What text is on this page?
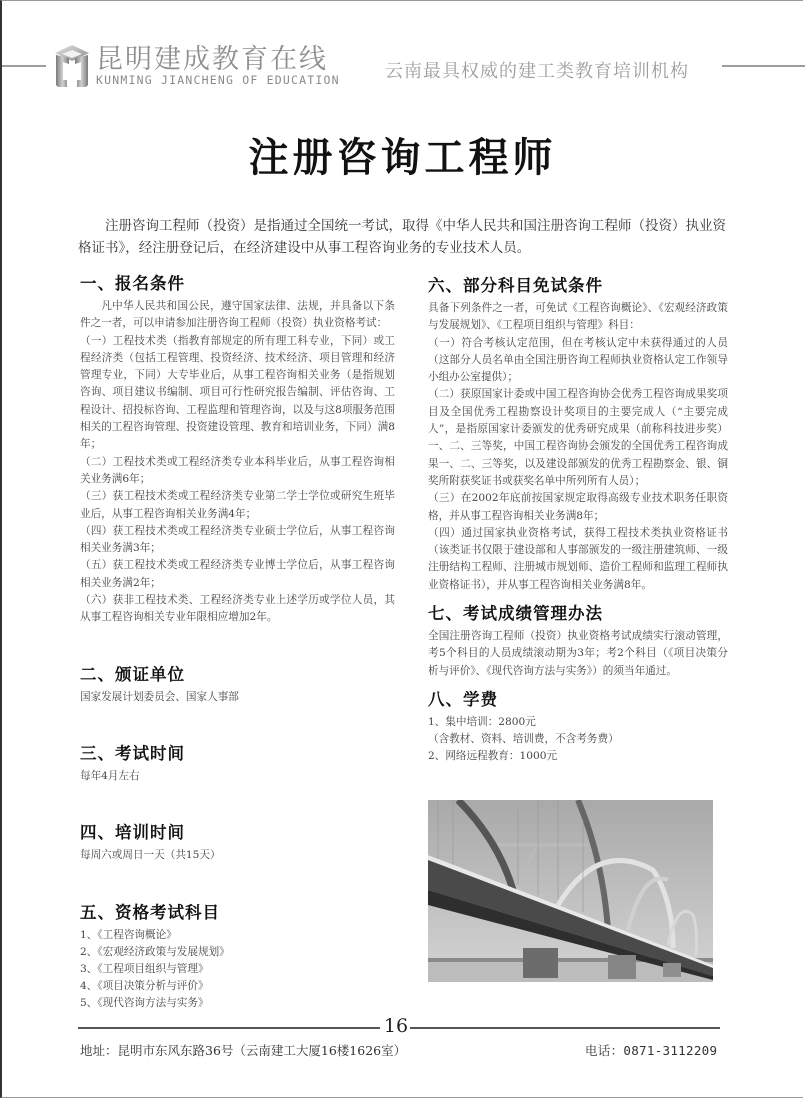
昆明建成教育在线
KUNMING JIANCHENG OF EDUCATION	云南最具权威的建工类教育培训机构
注册咨询工程师

注册咨询工程师（投资）是指通过全国统一考试，取得《中华人民共和国注册咨询工程师（投资）执业资格证书》，经注册登记后，在经济建设中从事工程咨询业务的专业技术人员。

一、报名条件

凡中华人民共和国公民，遵守国家法律、法规，并具备以下条件之一者，可以申请参加注册咨询工程师（投资）执业资格考试：

（一）工程技术类（指教育部规定的所有理工科专业，下同）或工程经济类（包括工程管理、投资经济、技术经济、项目管理和经济管理专业，下同）大专毕业后，从事工程咨询相关业务（是指规划咨询、项目建议书编制、项目可行性研究报告编制、评估咨询、工程设计、招投标咨询、工程监理和管理咨询，以及与这8项服务范围相关的工程咨询管理、投资建设管理、教育和培训业务，下同）满8年；

（二）工程技术类或工程经济类专业本科毕业后，从事工程咨询相关业务满6年；

（三）获工程技术类或工程经济类专业第二学士学位或研究生班毕业后，从事工程咨询相关业务满4年；

（四）获工程技术类或工程经济类专业硕士学位后，从事工程咨询相关业务满3年；

（五）获工程技术类或工程经济类专业博士学位后，从事工程咨询相关业务满2年；

（六）获非工程技术类、工程经济类专业上述学历或学位人员，其从事工程咨询相关专业年限相应增加2年。

二、颁证单位

国家发展计划委员会、国家人事部

三、考试时间

每年4月左右

四、培训时间

每周六或周日一天（共15天）

五、资格考试科目
1、《工程咨询概论》
2、《宏观经济政策与发展规划》
3、《工程项目组织与管理》
4、《项目决策分析与评价》
5、《现代咨询方法与实务》
六、部分科目免试条件

具备下列条件之一者，可免试《工程咨询概论》、《宏观经济政策与发展规划》、《工程项目组织与管理》科目：

（一）符合考核认定范围，但在考核认定中未获得通过的人员（这部分人员名单由全国注册咨询工程师执业资格认定工作领导小组办公室提供）；

（二）获原国家计委或中国工程咨询协会优秀工程咨询成果奖项目及全国优秀工程勘察设计奖项目的主要完成人（“主要完成人”，是指原国家计委颁发的优秀研究成果（前称科技进步奖）一、二、三等奖，中国工程咨询协会颁发的全国优秀工程咨询成果一、二、三等奖，以及建设部颁发的优秀工程勘察金、银、铜奖所附获奖证书或获奖名单中所列所有人员）；

（三）在2002年底前按国家规定取得高级专业技术职务任职资格，并从事工程咨询相关业务满8年；

（四）通过国家执业资格考试，获得工程技术类执业资格证书（该类证书仅限于建设部和人事部颁发的一级注册建筑师、一级注册结构工程师、注册城市规划师、造价工程师和监理工程师执业资格证书），并从事工程咨询相关业务满8年。

七、考试成绩管理办法

全国注册咨询工程师（投资）执业资格考试成绩实行滚动管理，考5个科目的人员成绩滚动期为3年；考2个科目（《项目决策分析与评价》、《现代咨询方法与实务》）的须当年通过。

八、学费
1、集中培训：2800元
（含教材、资料、培训费，不含考务费）
2、网络远程教育：1000元
16
地址：昆明市东风东路36号（云南建工大厦16楼1626室）	电话：0871-3112209
